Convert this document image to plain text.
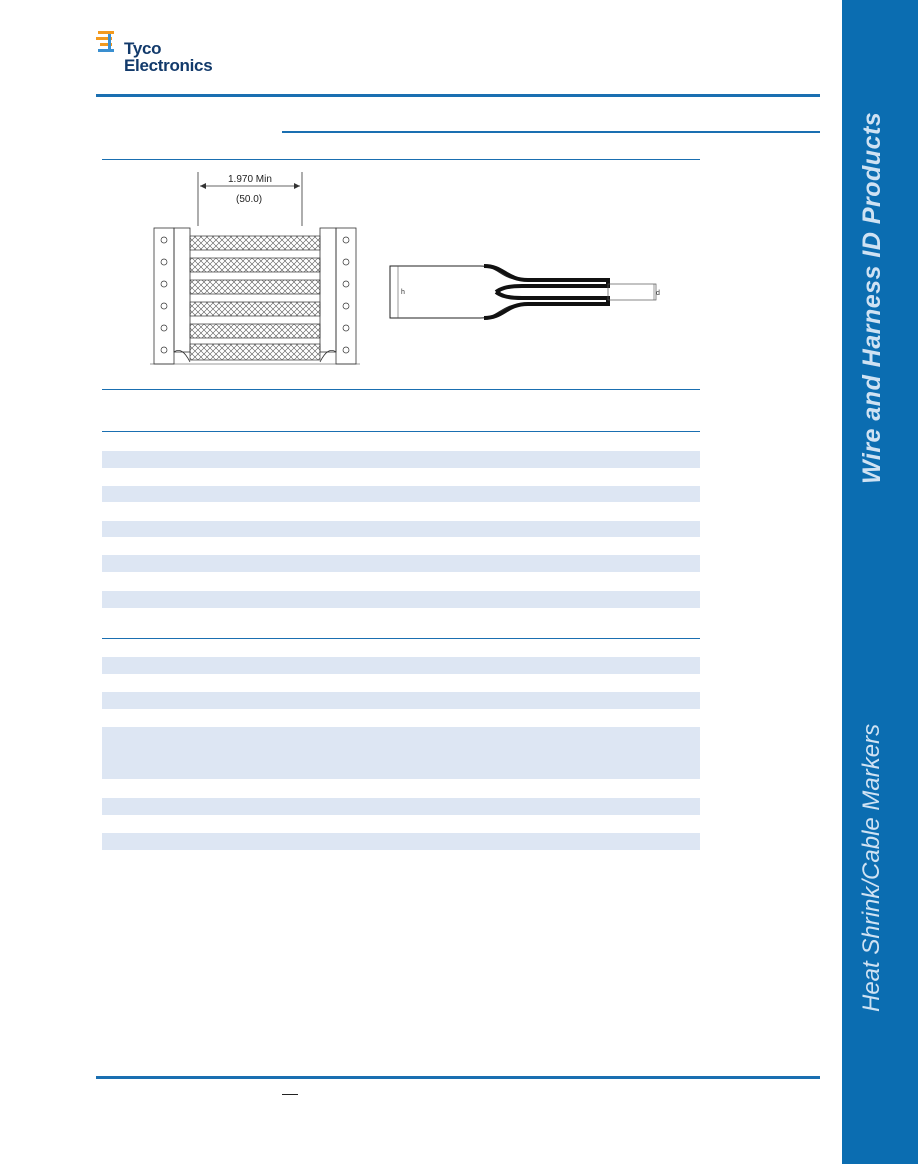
Tyco
Electronics
1.970 Min
(50.0)
h	d	Wire and Harness ID Products
Heat Shrink/Cable Markers
